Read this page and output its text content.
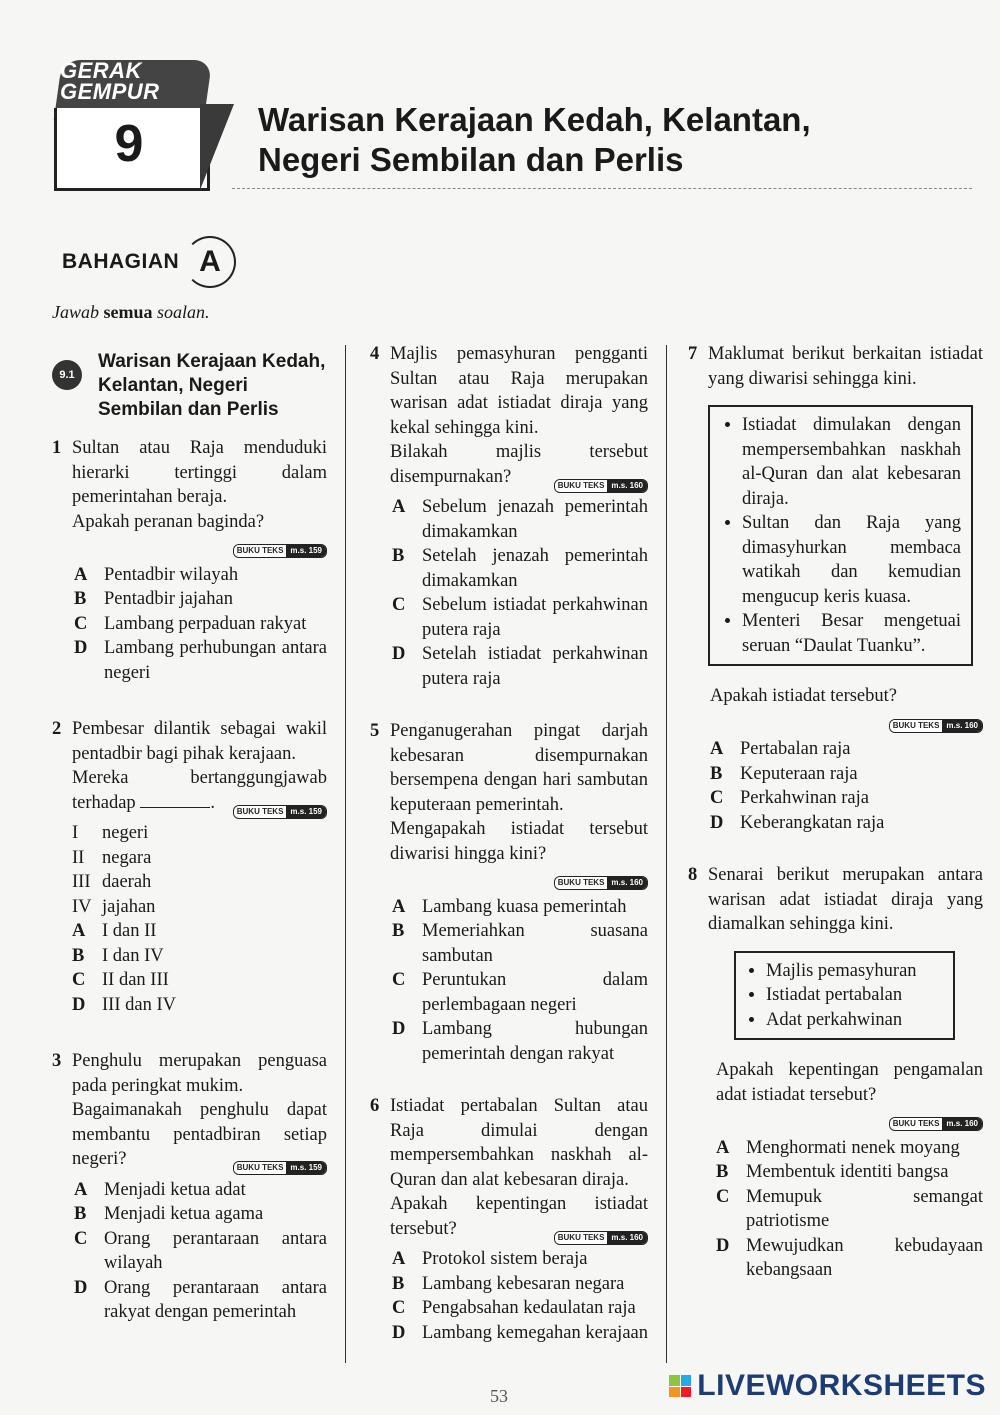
GERAK
GEMPUR
9	Warisan Kerajaan Kedah, Kelantan,
Negeri Sembilan dan Perlis
BAHAGIAN A
Jawab semua soalan.
9.1
Warisan Kerajaan Kedah, Kelantan, Negeri Sembilan dan Perlis
1 Sultan atau Raja menduduki hierarki tertinggi dalam pemerintahan beraja.
Apakah peranan baginda?
BUKU TEKS m.s. 159
A Pentadbir wilayah
B Pentadbir jajahan
C Lambang perpaduan rakyat
D Lambang perhubungan antara negeri
2 Pembesar dilantik sebagai wakil pentadbir bagi pihak kerajaan.
Mereka bertanggungjawab terhadap	.	BUKU TEKS m.s. 159
I	negeri
II negara
III daerah
IV jajahan
A I dan II
B I dan IV
C II dan III
D III dan IV
3 Penghulu merupakan penguasa pada peringkat mukim.
Bagaimanakah penghulu dapat membantu pentadbiran setiap negeri?	BUKU TEKS m.s. 159
A Menjadi ketua adat
B Menjadi ketua agama
C Orang perantaraan antara wilayah
D Orang perantaraan antara rakyat dengan pemerintah
4 Majlis pemasyhuran pengganti Sultan atau Raja merupakan warisan adat istiadat diraja yang kekal sehingga kini.
Bilakah majlis tersebut disempurnakan?	BUKU TEKS m.s. 160
A Sebelum jenazah pemerintah dimakamkan
B Setelah jenazah pemerintah dimakamkan
C Sebelum istiadat perkahwinan putera raja
D Setelah istiadat perkahwinan putera raja
5 Penganugerahan pingat darjah kebesaran disempurnakan bersempena dengan hari sambutan keputeraan pemerintah.
Mengapakah istiadat tersebut diwarisi hingga kini?
BUKU TEKS m.s. 160
A Lambang kuasa pemerintah
B Memeriahkan suasana sambutan
C Peruntukan dalam perlembagaan negeri
D Lambang hubungan pemerintah dengan rakyat
6 Istiadat pertabalan Sultan atau Raja dimulai dengan mempersembahkan naskhah al-Quran dan alat kebesaran diraja.
Apakah kepentingan istiadat tersebut?	BUKU TEKS m.s. 160
A Protokol sistem beraja
B Lambang kebesaran negara
C Pengabsahan kedaulatan raja
D Lambang kemegahan kerajaan
7 Maklumat berikut berkaitan istiadat yang diwarisi sehingga kini.
• Istiadat dimulakan dengan mempersembahkan naskhah al-Quran dan alat kebesaran diraja.
• Sultan dan Raja yang dimasyhurkan membaca watikah dan kemudian mengucup keris kuasa.
• Menteri Besar mengetuai seruan “Daulat Tuanku”.
Apakah istiadat tersebut?
BUKU TEKS m.s. 160
A Pertabalan raja
B Keputeraan raja
C Perkahwinan raja
D Keberangkatan raja
8 Senarai berikut merupakan antara warisan adat istiadat diraja yang diamalkan sehingga kini.
• Majlis pemasyhuran
• Istiadat pertabalan
• Adat perkahwinan
Apakah kepentingan pengamalan adat istiadat tersebut?
BUKU TEKS m.s. 160
A Menghormati nenek moyang
B Membentuk identiti bangsa
C Memupuk semangat patriotisme
D Mewujudkan kebudayaan kebangsaan
53	LIVEWORKSHEETS
